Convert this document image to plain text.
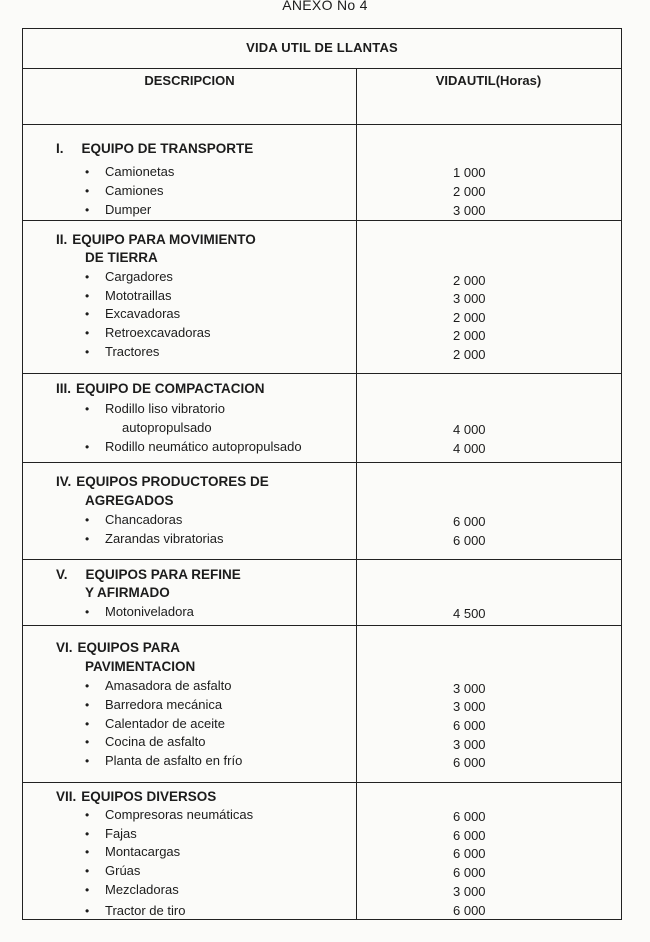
ANEXO No 4
VIDA UTIL DE LLANTAS
DESCRIPCION	VIDAUTIL(Horas)
I. EQUIPO DE TRANSPORTE
• Camionetas	1 000
• Camiones	2 000
• Dumper	3 000
II. EQUIPO PARA MOVIMIENTO
DE TIERRA
• Cargadores	2 000
• Mototraillas	3 000
• Excavadoras	2 000
• Retroexcavadoras	2 000
• Tractores	2 000
III. EQUIPO DE COMPACTACION
• Rodillo liso vibratorio
autopropulsado	4 000
• Rodillo neumático autopropulsado	4 000
IV. EQUIPOS PRODUCTORES DE
AGREGADOS
• Chancadoras	6 000
• Zarandas vibratorias	6 000
V. EQUIPOS PARA REFINE
Y AFIRMADO
• Motoniveladora	4 500
VI. EQUIPOS PARA
PAVIMENTACION
• Amasadora de asfalto	3 000
• Barredora mecánica	3 000
• Calentador de aceite	6 000
• Cocina de asfalto	3 000
• Planta de asfalto en frío	6 000
VII. EQUIPOS DIVERSOS
• Compresoras neumáticas	6 000
• Fajas	6 000
• Montacargas	6 000
• Grúas	6 000
• Mezcladoras	3 000
• Tractor de tiro	6 000
